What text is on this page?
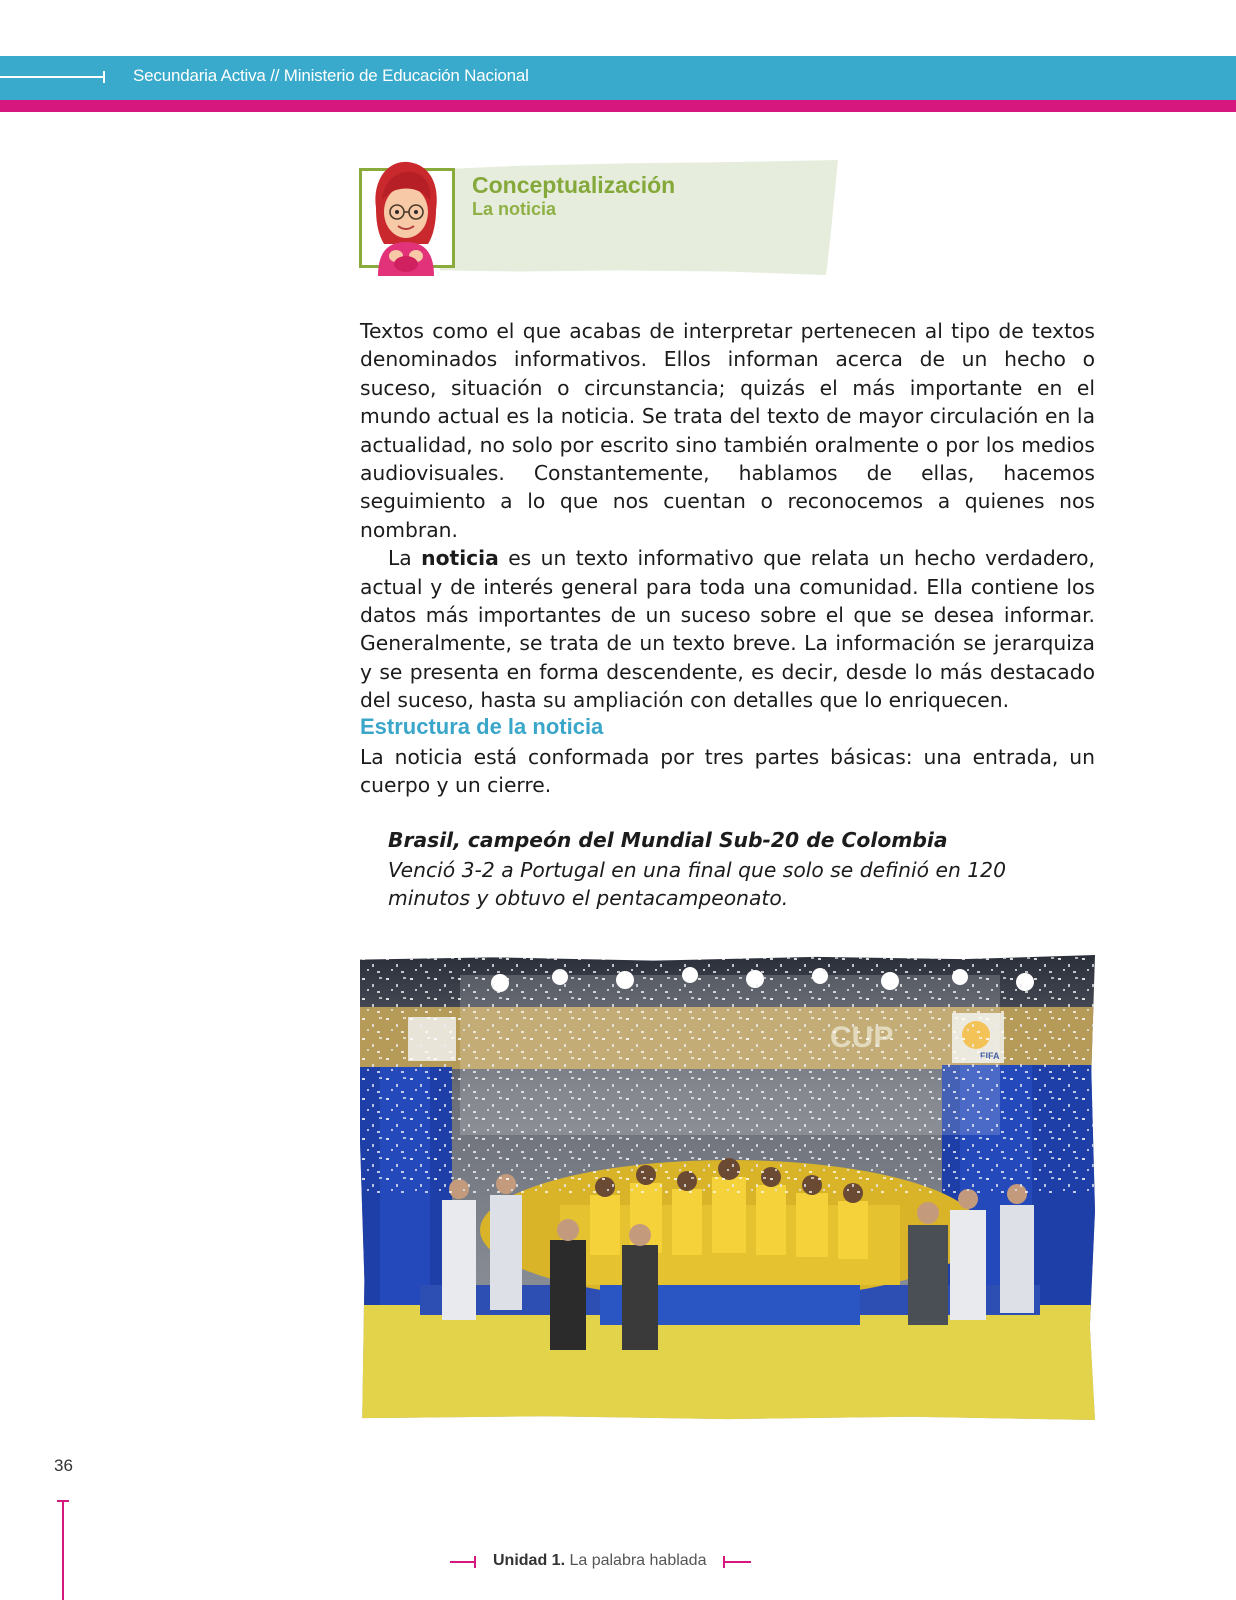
Secundaria Activa // Ministerio de Educación Nacional
Conceptualización
La noticia

Textos como el que acabas de interpretar pertenecen al tipo de textos denominados informativos. Ellos informan acerca de un hecho o suceso, situación o circunstancia; quizás el más importante en el mundo actual es la noticia. Se trata del texto de mayor circulación en la actualidad, no solo por escrito sino también oralmente o por los medios audiovisuales. Constantemente, hablamos de ellas, hacemos seguimiento a lo que nos cuentan o reconocemos a quienes nos nombran.

La noticia es un texto informativo que relata un hecho verdadero, actual y de interés general para toda una comunidad. Ella contiene los datos más importantes de un suceso sobre el que se desea informar. Generalmente, se trata de un texto breve. La información se jerarquiza y se presenta en forma descendente, es decir, desde lo más destacado del suceso, hasta su ampliación con detalles que lo enriquecen.

Estructura de la noticia

La noticia está conformada por tres partes básicas: una entrada, un cuerpo y un cierre.

Brasil, campeón del Mundial Sub-20 de Colombia
Venció 3-2 a Portugal en una final que solo se definió en 120 minutos y obtuvo el pentacampeonato.
36
Unidad 1. La palabra hablada
